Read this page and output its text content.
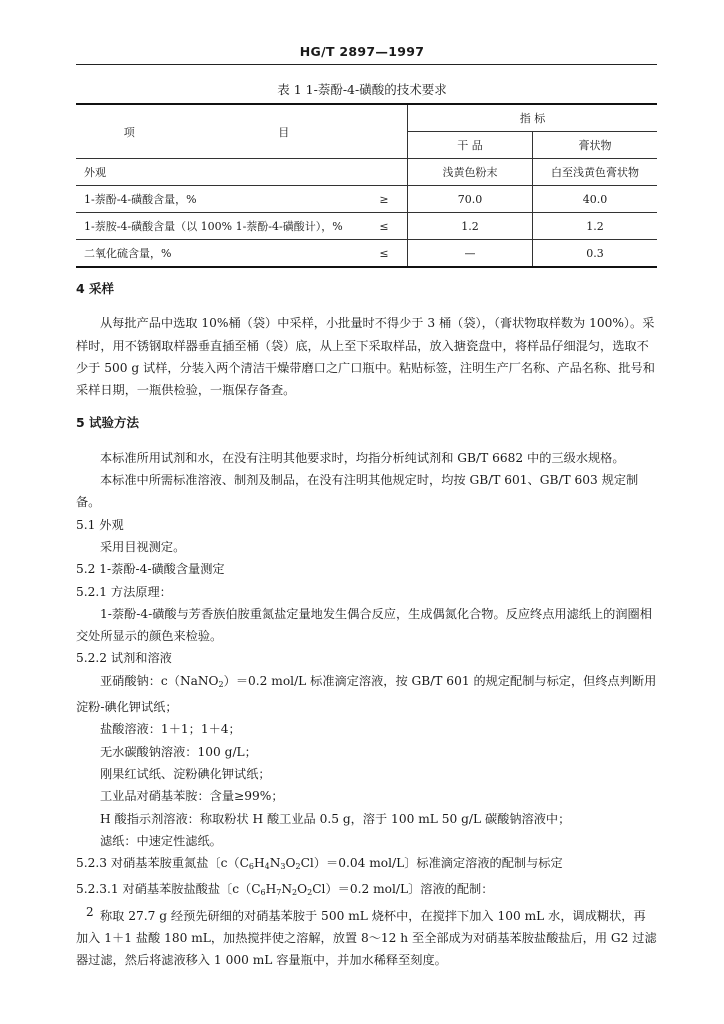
HG/T 2897—1997
表 1 1-萘酚-4-磺酸的技术要求
项 目		指 标	
		干 品	膏状物
外观		浅黄色粉末	白至浅黄色膏状物
1-萘酚-4-磺酸含量，%	≥	70.0	40.0
1-萘胺-4-磺酸含量（以 100% 1-萘酚-4-磺酸计），%	≤	1.2	1.2
二氧化硫含量，%	≤	—	0.3

4 采样

从每批产品中选取 10%桶（袋）中采样，小批量时不得少于 3 桶（袋），（膏状物取样数为 100%）。采样时，用不锈钢取样器垂直插至桶（袋）底，从上至下采取样品，放入搪瓷盘中，将样品仔细混匀，选取不少于 500 g 试样，分装入两个清洁干燥带磨口之广口瓶中。粘贴标签，注明生产厂名称、产品名称、批号和采样日期，一瓶供检验，一瓶保存备查。

5 试验方法

本标准所用试剂和水，在没有注明其他要求时，均指分析纯试剂和 GB/T 6682 中的三级水规格。

本标准中所需标准溶液、制剂及制品，在没有注明其他规定时，均按 GB/T 601、GB/T 603 规定制备。

5.1 外观

采用目视测定。

5.2 1-萘酚-4-磺酸含量测定

5.2.1 方法原理：

1-萘酚-4-磺酸与芳香族伯胺重氮盐定量地发生偶合反应，生成偶氮化合物。反应终点用滤纸上的润圈相交处所显示的颜色来检验。

5.2.2 试剂和溶液

亚硝酸钠：c（NaNO$_2$）＝0.2 mol/L 标准滴定溶液，按 GB/T 601 的规定配制与标定，但终点判断用淀粉-碘化钾试纸；

盐酸溶液：1＋1；1＋4；

无水碳酸钠溶液：100 g/L；

刚果红试纸、淀粉碘化钾试纸；

工业品对硝基苯胺：含量≥99%；

H 酸指示剂溶液：称取粉状 H 酸工业品 0.5 g，溶于 100 mL 50 g/L 碳酸钠溶液中；

滤纸：中速定性滤纸。

5.2.3 对硝基苯胺重氮盐〔$c(C_6H_4N_3O_2Cl)=0.04$ mol/L〕标准滴定溶液的配制与标定

5.2.3.1 对硝基苯胺盐酸盐〔$c(C_6H_7N_2O_2Cl)=0.2$ mol/L〕溶液的配制：

称取 27.7 g 经预先研细的对硝基苯胺于 500 mL 烧杯中，在搅拌下加入 100 mL 水，调成糊状，再加入 1＋1 盐酸 180 mL，加热搅拌使之溶解，放置 8～12 h 至全部成为对硝基苯胺盐酸盐后，用 G2 过滤器过滤，然后将滤液移入 1 000 mL 容量瓶中，并加水稀释至刻度。

2
